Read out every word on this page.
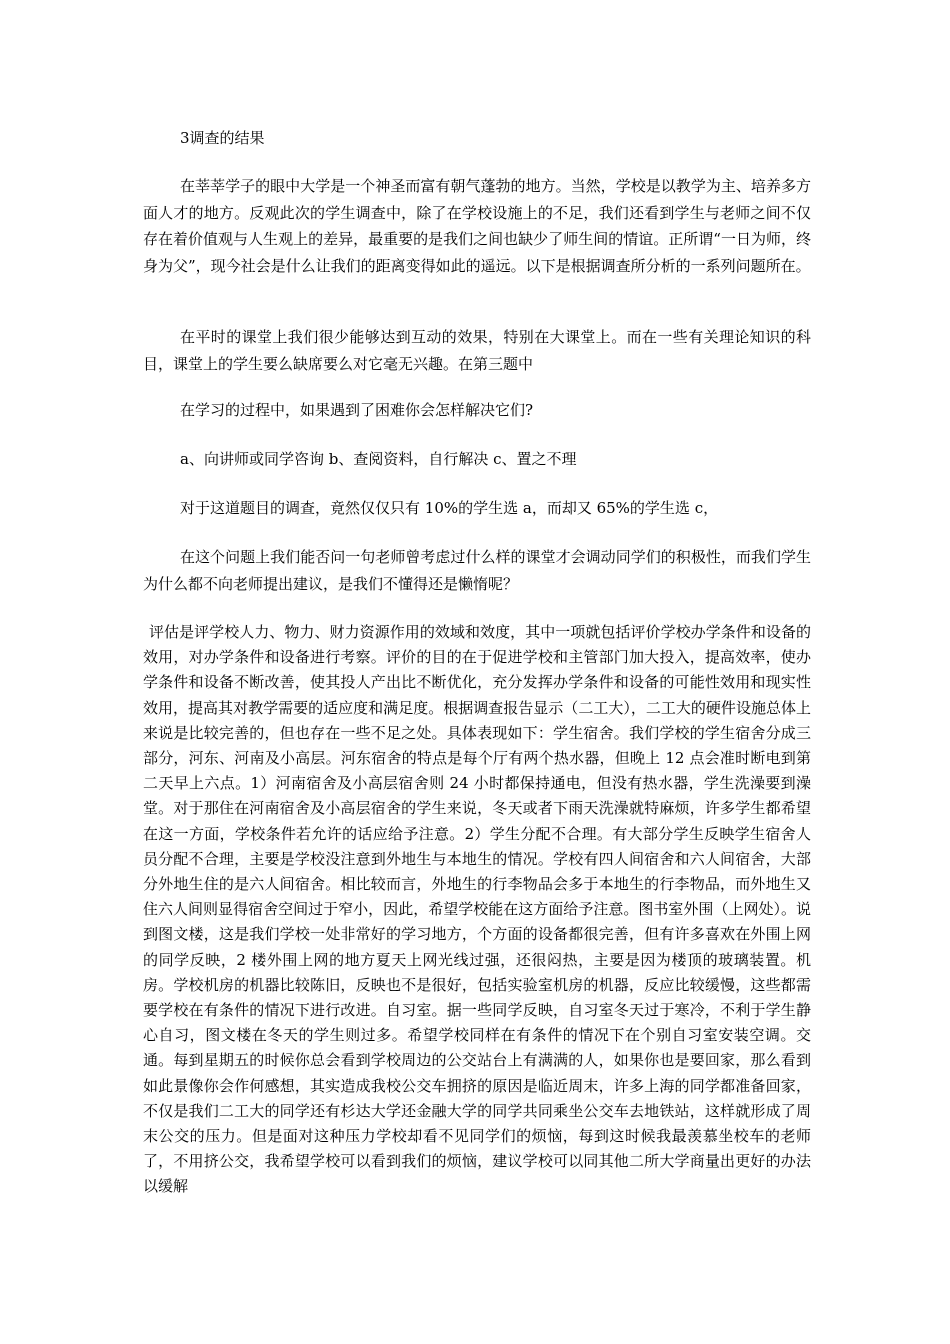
3调查的结果

在莘莘学子的眼中大学是一个神圣而富有朝气蓬勃的地方。当然，学校是以教学为主、培养多方面人才的地方。反观此次的学生调查中，除了在学校设施上的不足，我们还看到学生与老师之间不仅存在着价值观与人生观上的差异，最重要的是我们之间也缺少了师生间的情谊。正所谓“一日为师，终身为父”，现今社会是什么让我们的距离变得如此的遥远。以下是根据调查所分析的一系列问题所在。

在平时的课堂上我们很少能够达到互动的效果，特别在大课堂上。而在一些有关理论知识的科目，课堂上的学生要么缺席要么对它毫无兴趣。在第三题中

在学习的过程中，如果遇到了困难你会怎样解决它们?

a、向讲师或同学咨询 b、查阅资料，自行解决 c、置之不理

对于这道题目的调查，竟然仅仅只有 10%的学生选 a，而却又 65%的学生选 c，

在这个问题上我们能否问一句老师曾考虑过什么样的课堂才会调动同学们的积极性，而我们学生为什么都不向老师提出建议，是我们不懂得还是懒惰呢？

评估是评学校人力、物力、财力资源作用的效域和效度，其中一项就包括评价学校办学条件和设备的效用，对办学条件和设备进行考察。评价的目的在于促进学校和主管部门加大投入，提高效率，使办学条件和设备不断改善，使其投人产出比不断优化，充分发挥办学条件和设备的可能性效用和现实性效用，提高其对教学需要的适应度和满足度。根据调查报告显示（二工大），二工大的硬件设施总体上来说是比较完善的，但也存在一些不足之处。具体表现如下：学生宿舍。我们学校的学生宿舍分成三部分，河东、河南及小高层。河东宿舍的特点是每个厅有两个热水器，但晚上 12 点会准时断电到第二天早上六点。1）河南宿舍及小高层宿舍则 24 小时都保持通电，但没有热水器，学生洗澡要到澡堂。对于那住在河南宿舍及小高层宿舍的学生来说，冬天或者下雨天洗澡就特麻烦，许多学生都希望在这一方面，学校条件若允许的话应给予注意。2）学生分配不合理。有大部分学生反映学生宿舍人员分配不合理，主要是学校没注意到外地生与本地生的情况。学校有四人间宿舍和六人间宿舍，大部分外地生住的是六人间宿舍。相比较而言，外地生的行李物品会多于本地生的行李物品，而外地生又住六人间则显得宿舍空间过于窄小，因此，希望学校能在这方面给予注意。图书室外围（上网处）。说到图文楼，这是我们学校一处非常好的学习地方，个方面的设备都很完善，但有许多喜欢在外围上网的同学反映，2 楼外围上网的地方夏天上网光线过强，还很闷热，主要是因为楼顶的玻璃装置。机房。学校机房的机器比较陈旧，反映也不是很好，包括实验室机房的机器，反应比较缓慢，这些都需要学校在有条件的情况下进行改进。自习室。据一些同学反映，自习室冬天过于寒冷，不利于学生静心自习，图文楼在冬天的学生则过多。希望学校同样在有条件的情况下在个别自习室安装空调。交通。每到星期五的时候你总会看到学校周边的公交站台上有满满的人，如果你也是要回家，那么看到如此景像你会作何感想，其实造成我校公交车拥挤的原因是临近周末，许多上海的同学都准备回家，不仅是我们二工大的同学还有杉达大学还金融大学的同学共同乘坐公交车去地铁站，这样就形成了周末公交的压力。但是面对这种压力学校却看不见同学们的烦恼，每到这时候我最羡慕坐校车的老师了，不用挤公交，我希望学校可以看到我们的烦恼，建议学校可以同其他二所大学商量出更好的办法以缓解
